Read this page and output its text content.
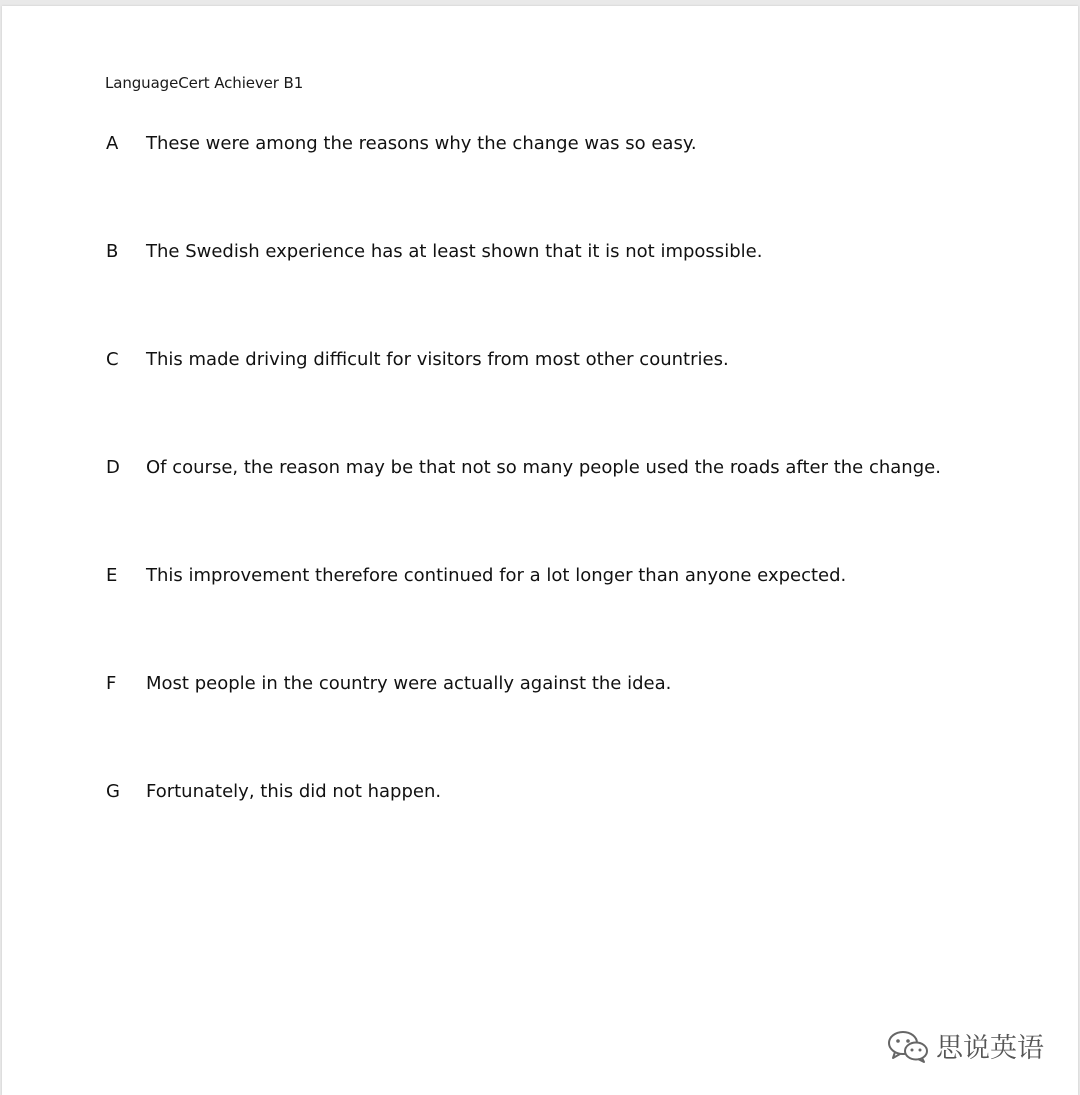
LanguageCert Achiever B1
A These were among the reasons why the change was so easy.
B The Swedish experience has at least shown that it is not impossible.
C This made driving difficult for visitors from most other countries.
D Of course, the reason may be that not so many people used the roads after the change.
E This improvement therefore continued for a lot longer than anyone expected.
F Most people in the country were actually against the idea.
G Fortunately, this did not happen.
思说英语
